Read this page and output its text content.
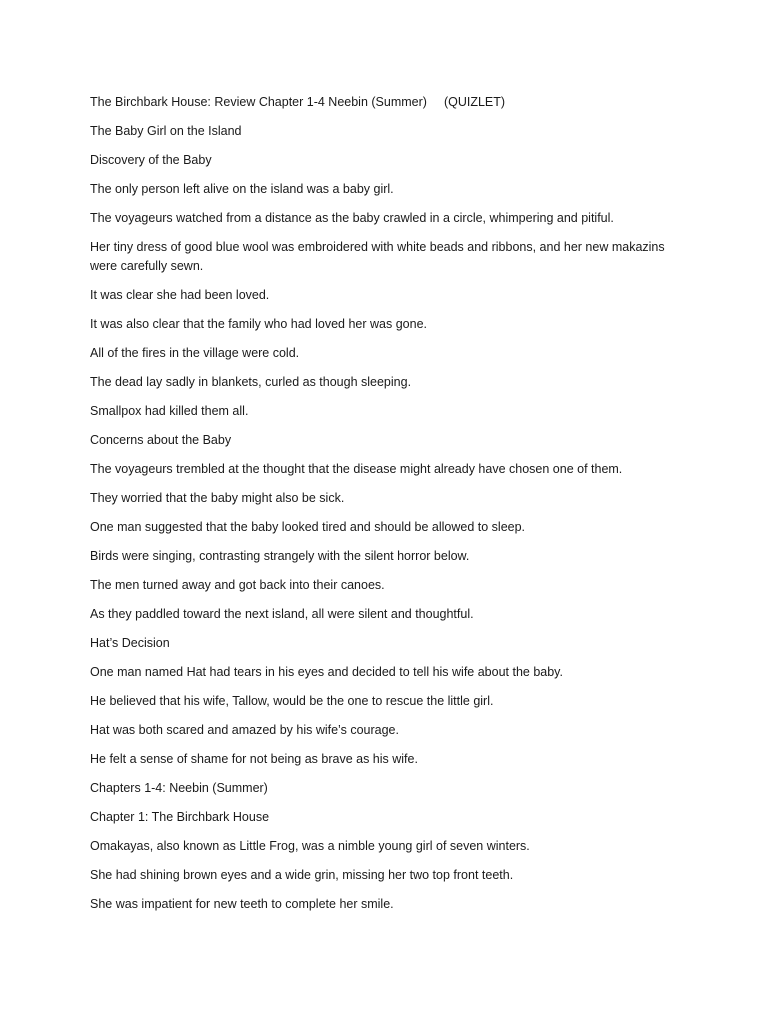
The Birchbark House: Review Chapter 1-4 Neebin (Summer) (QUIZLET)

The Baby Girl on the Island

Discovery of the Baby

The only person left alive on the island was a baby girl.

The voyageurs watched from a distance as the baby crawled in a circle, whimpering and pitiful.

Her tiny dress of good blue wool was embroidered with white beads and ribbons, and her new makazins were carefully sewn.

It was clear she had been loved.

It was also clear that the family who had loved her was gone.

All of the fires in the village were cold.

The dead lay sadly in blankets, curled as though sleeping.

Smallpox had killed them all.

Concerns about the Baby

The voyageurs trembled at the thought that the disease might already have chosen one of them.

They worried that the baby might also be sick.

One man suggested that the baby looked tired and should be allowed to sleep.

Birds were singing, contrasting strangely with the silent horror below.

The men turned away and got back into their canoes.

As they paddled toward the next island, all were silent and thoughtful.

Hat’s Decision

One man named Hat had tears in his eyes and decided to tell his wife about the baby.

He believed that his wife, Tallow, would be the one to rescue the little girl.

Hat was both scared and amazed by his wife’s courage.

He felt a sense of shame for not being as brave as his wife.

Chapters 1-4: Neebin (Summer)

Chapter 1: The Birchbark House

Omakayas, also known as Little Frog, was a nimble young girl of seven winters.

She had shining brown eyes and a wide grin, missing her two top front teeth.

She was impatient for new teeth to complete her smile.
